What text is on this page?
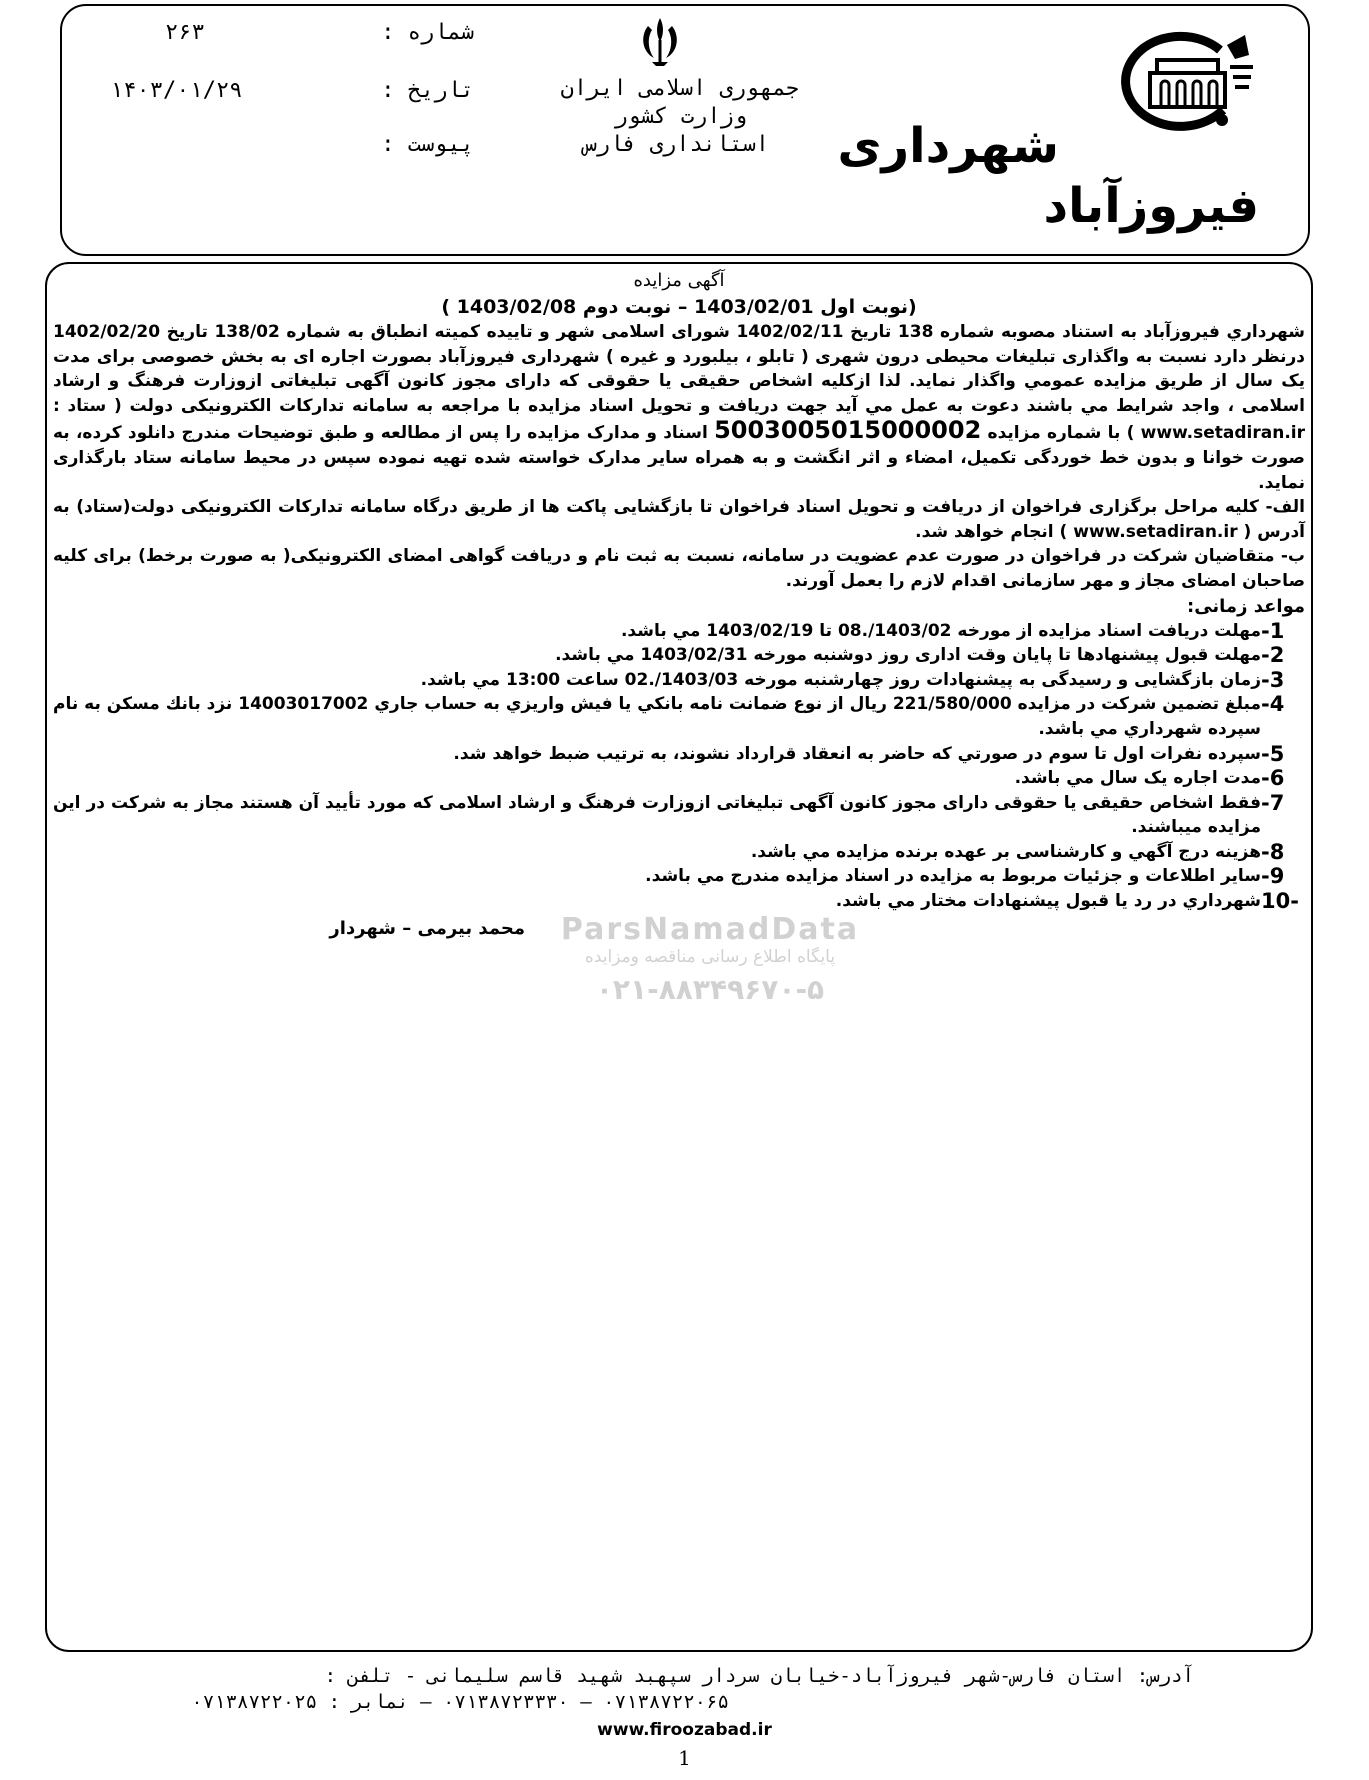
جمهوری اسلامی ایران
وزارت کشور
استانداری فارس
شماره :
۲۶۳
تاریخ :
۱۴۰۳/۰۱/۲۹
پیوست :	شهرداری
فیروزآباد
آگهی مزایده
(نوبت اول 1403/02/01 – نوبت دوم 1403/02/08 )
شهرداري فيروزآباد به استناد مصوبه شماره 138 تاريخ 1402/02/11 شورای اسلامی شهر و تاييده كميته انطباق به شماره 138/02 تاريخ 1402/02/20 درنظر دارد نسبت به واگذاری تبليغات محيطی درون شهری ( تابلو ، بيلبورد و غيره ) شهرداری فيروزآباد بصورت اجاره ای به بخش خصوصی برای مدت يک سال از طريق مزايده عمومي واگذار نمايد. لذا ازكليه اشخاص حقيقی يا حقوقی كه دارای مجوز كانون آگهی تبليغاتی ازوزارت فرهنگ و ارشاد اسلامی ، واجد شرايط مي باشند دعوت به عمل مي آيد جهت دريافت و تحويل اسناد مزايده با مراجعه به سامانه تداركات الكترونيكی دولت ( ستاد : www.setadiran.ir ) با شماره مزايده 5003005015000002 اسناد و مدارک مزايده را پس از مطالعه و طبق توضيحات مندرج دانلود كرده، به صورت خوانا و بدون خط خوردگی تكميل، امضاء و اثر انگشت و به همراه ساير مدارک خواسته شده تهيه نموده سپس در محيط سامانه ستاد بارگذاری نمايد.
الف- كليه مراحل برگزاری فراخوان از دريافت و تحويل اسناد فراخوان تا بازگشايی پاكت ها از طريق درگاه سامانه تداركات الكترونيكی دولت(ستاد) به آدرس ( www.setadiran.ir ) انجام خواهد شد.
ب- متقاضيان شركت در فراخوان در صورت عدم عضويت در سامانه، نسبت به ثبت نام و دريافت گواهی امضای الكترونيكی( به صورت برخط) برای كليه صاحبان امضای مجاز و مهر سازمانی اقدام لازم را بعمل آورند.
مواعد زمانی:
-1
مهلت دريافت اسناد مزايده از مورخه 1403/02/.08 تا 1403/02/19 مي باشد.
-2
مهلت قبول پيشنهادها تا پايان وقت اداری روز دوشنبه مورخه 1403/02/31 مي باشد.
-3
زمان بازگشايی و رسيدگی به پيشنهادات روز چهارشنبه مورخه 1403/03/.02 ساعت 13:00 مي باشد.
-4
مبلغ تضمين شركت در مزايده 221/580/000 ريال از نوع ضمانت نامه بانكي يا فيش واريزي به حساب جاري 14003017002 نزد بانك مسكن به نام سپرده شهرداري مي باشد.
-5
سپرده نفرات اول تا سوم در صورتي كه حاضر به انعقاد قرارداد نشوند، به ترتيب ضبط خواهد شد.
-6
مدت اجاره يک سال مي باشد.
-7
فقط اشخاص حقيقی يا حقوقی دارای مجوز كانون آگهی تبليغاتی ازوزارت فرهنگ و ارشاد اسلامی كه مورد تأييد آن هستند مجاز به شركت در اين مزايده میباشند.
-8
هزينه درج آگهي و كارشناسی بر عهده برنده مزايده مي باشد.
-9
ساير اطلاعات و جزئيات مربوط به مزايده در اسناد مزايده مندرج مي باشد.
10-
شهرداري در رد يا قبول پيشنهادات مختار مي باشد.
محمد بیرمی – شهردار	ParsNamadData
پایگاه اطلاع رسانی مناقصه ومزایده
۰۲۱-۸۸۳۴۹۶۷۰-۵
آدرس: استان فارس-شهر فیروزآباد-خیابان سردار سپهبد شهید قاسم سلیمانی - تلفن :
۰۷۱۳۸۷۲۲۰۶۵ – ۰۷۱۳۸۷۲۳۳۳۰ – نمابر : ۰۷۱۳۸۷۲۲۰۲۵
www.firoozabad.ir
1
